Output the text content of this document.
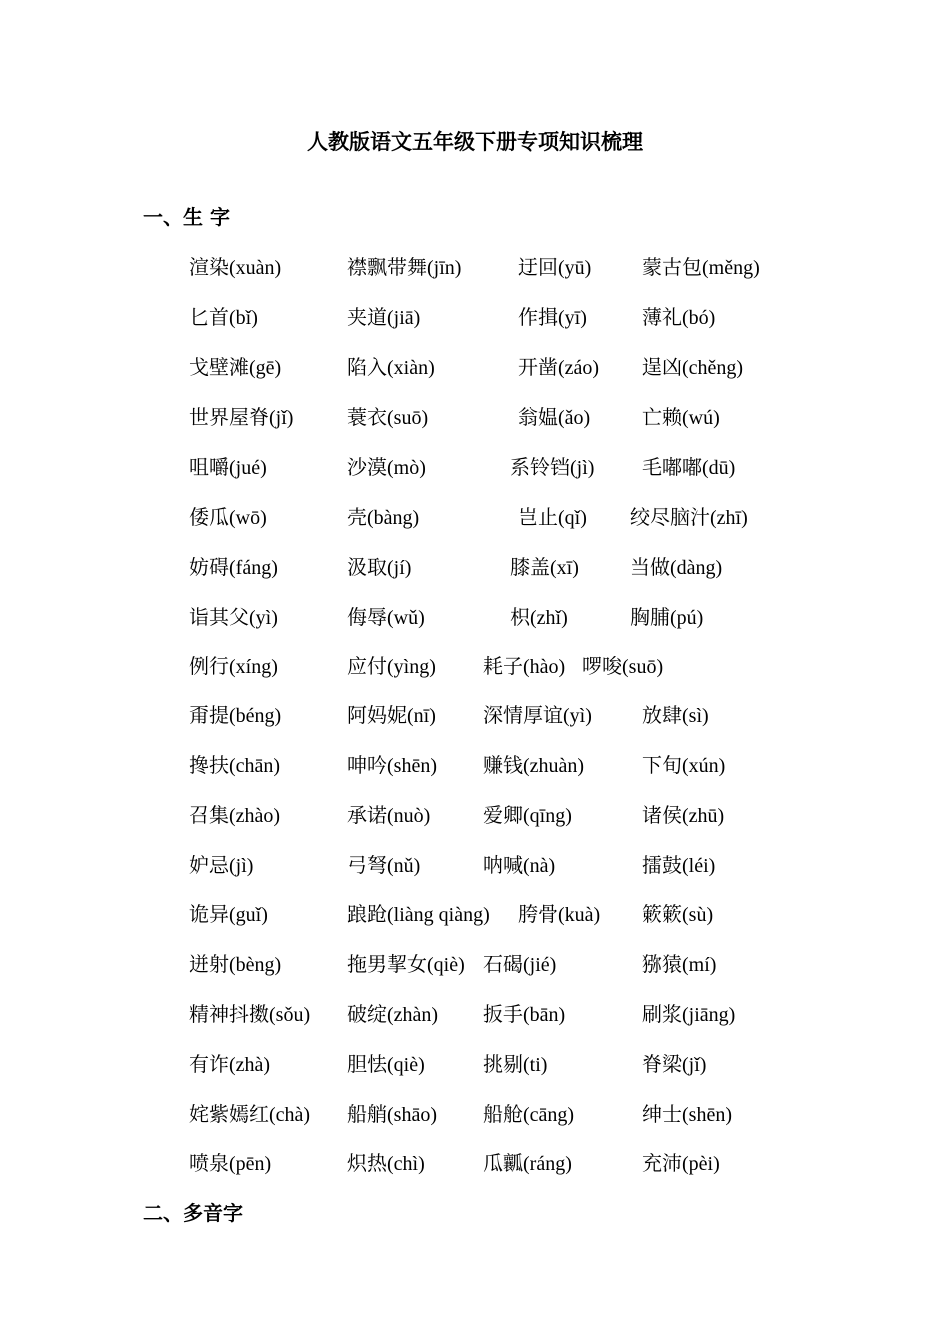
人教版语文五年级下册专项知识梳理
一、生 字
渲染(xuàn)	襟飘带舞(jīn)	迂回(yū)	蒙古包(měng)
匕首(bǐ)	夹道(jiā)	作揖(yī)	薄礼(bó)
戈壁滩(gē)	陷入(xiàn)	开凿(záo) 逞凶(chěng)
世界屋脊(jǐ)	蓑衣(suō)	翁媪(ǎo)	亡赖(wú)
咀嚼(jué)	沙漠(mò)	系铃铛(jì) 毛嘟嘟(dū)
倭瓜(wō)	壳(bàng)	岂止(qǐ) 绞尽脑汁(zhī)
妨碍(fáng)	汲取(jí)	膝盖(xī)	当做(dàng)
诣其父(yì)	侮辱(wǔ)	枳(zhǐ)	胸脯(pú)
例行(xíng)	应付(yìng) 耗子(hào) 啰唆(suō)
甭提(béng)	阿妈妮(nī) 深情厚谊(yì)	放肆(sì)
搀扶(chān)	呻吟(shēn) 赚钱(zhuàn)	下旬(xún)
召集(zhào)	承诺(nuò)	爱卿(qīng)	诸侯(zhū)
妒忌(jì)	弓弩(nǔ)	呐喊(nà)	擂鼓(léi)
诡异(guǐ)	踉跄(liàng qiàng) 胯骨(kuà) 簌簌(sù)
迸射(bèng)	拖男挈女(qiè) 石碣(jié)	猕猿(mí)
精神抖擞(sǒu) 破绽(zhàn) 扳手(bān)	刷浆(jiāng)
有诈(zhà)	胆怯(qiè)	挑剔(ti)	脊梁(jǐ)
姹紫嫣红(chà) 船艄(shāo) 船舱(cāng)	绅士(shēn)
喷泉(pēn)	炽热(chì)	瓜瓤(ráng)	充沛(pèi)
二、多音字
